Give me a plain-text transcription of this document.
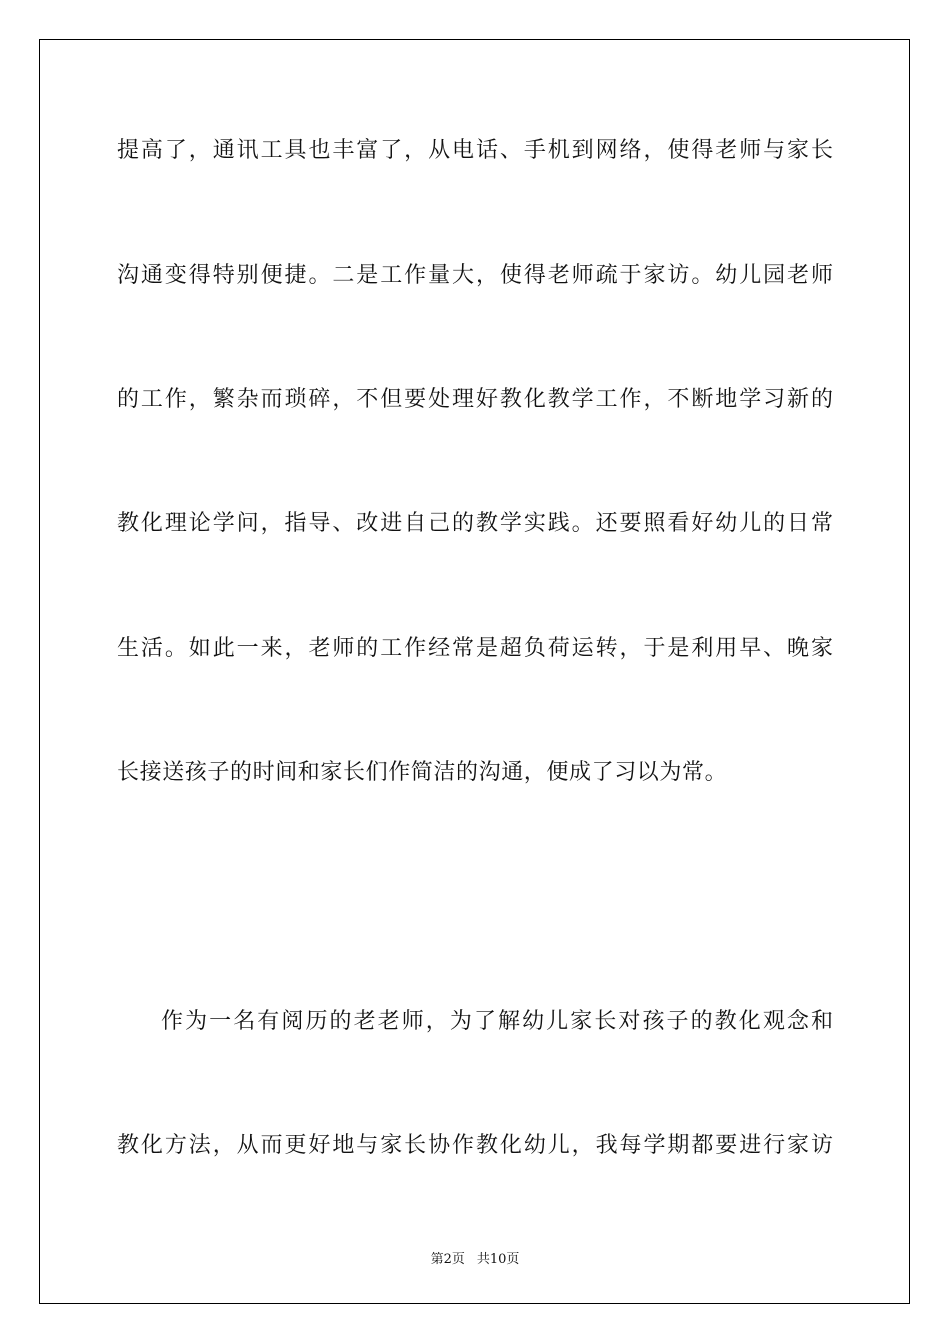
提高了，通讯工具也丰富了，从电话、手机到网络，使得老师与家长

沟通变得特别便捷。二是工作量大，使得老师疏于家访。幼儿园老师

的工作，繁杂而琐碎，不但要处理好教化教学工作，不断地学习新的

教化理论学问，指导、改进自己的教学实践。还要照看好幼儿的日常

生活。如此一来，老师的工作经常是超负荷运转，于是利用早、晚家

长接送孩子的时间和家长们作简洁的沟通，便成了习以为常。

作为一名有阅历的老老师，为了解幼儿家长对孩子的教化观念和

教化方法，从而更好地与家长协作教化幼儿，我每学期都要进行家访

第2页 共10页
